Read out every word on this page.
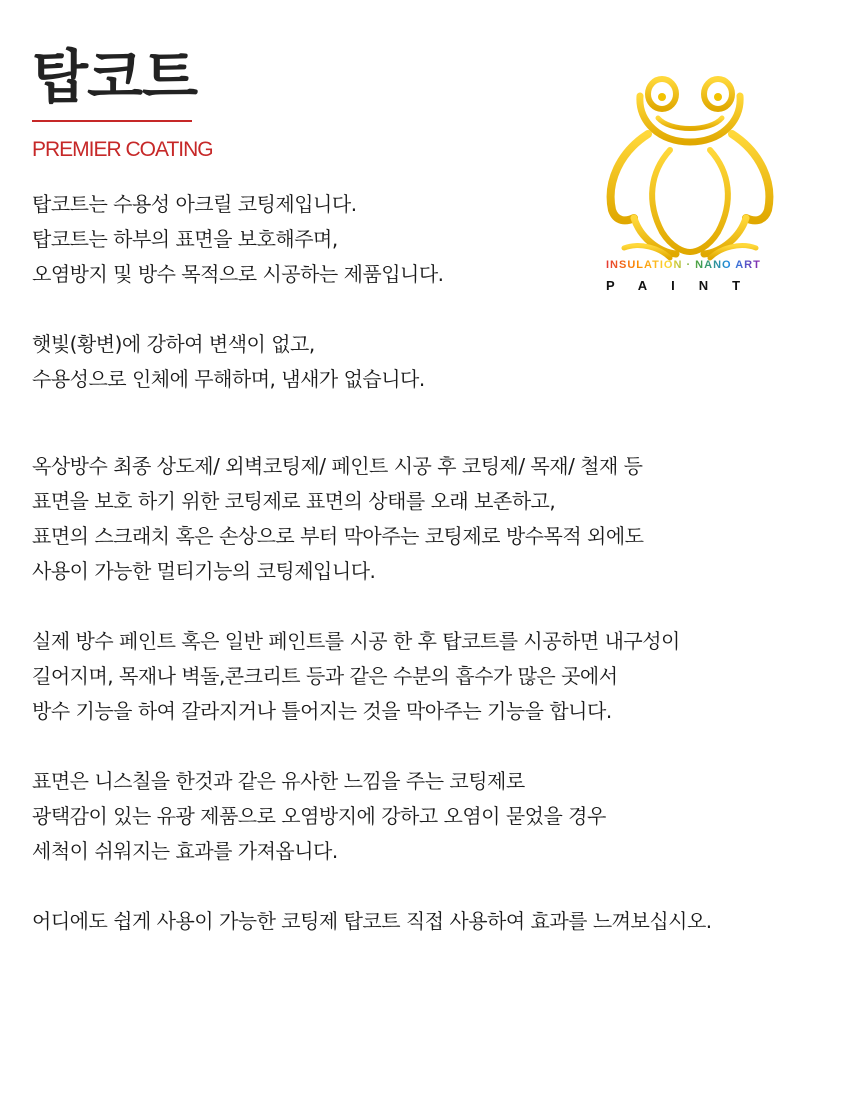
탑코트
PREMIER COATING
INSULATION · NANO ART
PAINT
탑코트는 수용성 아크릴 코팅제입니다.
탑코트는 하부의 표면을 보호해주며,
오염방지 및 방수 목적으로 시공하는 제품입니다.
햇빛(황변)에 강하여 변색이 없고,
수용성으로 인체에 무해하며, 냄새가 없습니다.
옥상방수 최종 상도제/ 외벽코팅제/ 페인트 시공 후 코팅제/ 목재/ 철재 등
표면을 보호 하기 위한 코팅제로 표면의 상태를 오래 보존하고,
표면의 스크래치 혹은 손상으로 부터 막아주는 코팅제로 방수목적 외에도
사용이 가능한 멀티기능의 코팅제입니다.
실제 방수 페인트 혹은 일반 페인트를 시공 한 후 탑코트를 시공하면 내구성이
길어지며, 목재나 벽돌,콘크리트 등과 같은 수분의 흡수가 많은 곳에서
방수 기능을 하여 갈라지거나 틀어지는 것을 막아주는 기능을 합니다.
표면은 니스칠을 한것과 같은 유사한 느낌을 주는 코팅제로
광택감이 있는 유광 제품으로 오염방지에 강하고 오염이 묻었을 경우
세척이 쉬워지는 효과를 가져옵니다.
어디에도 쉽게 사용이 가능한 코팅제 탑코트 직접 사용하여 효과를 느껴보십시오.
